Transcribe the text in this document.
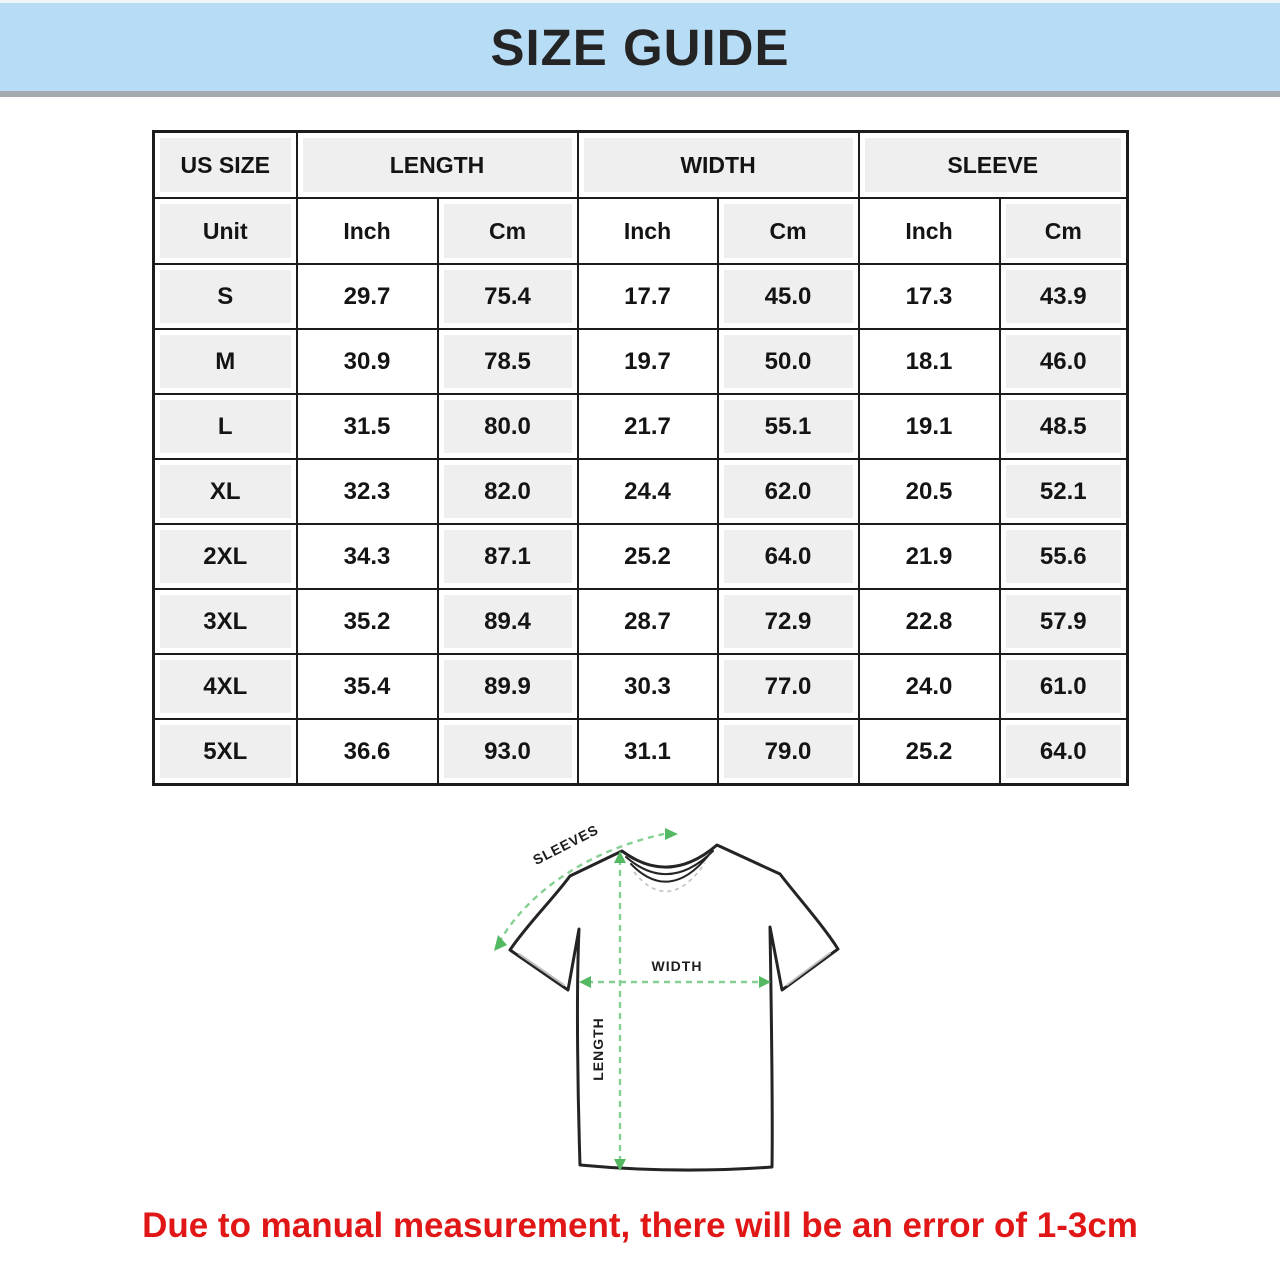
SIZE GUIDE
US SIZE	LENGTH		WIDTH		SLEEVE	
Unit	Inch	Cm	Inch	Cm	Inch	Cm
S	29.7	75.4	17.7	45.0	17.3	43.9
M	30.9	78.5	19.7	50.0	18.1	46.0
L	31.5	80.0	21.7	55.1	19.1	48.5
XL	32.3	82.0	24.4	62.0	20.5	52.1
2XL	34.3	87.1	25.2	64.0	21.9	55.6
3XL	35.2	89.4	28.7	72.9	22.8	57.9
4XL	35.4	89.9	30.3	77.0	24.0	61.0
5XL	36.6	93.0	31.1	79.0	25.2	64.0
SLEEVES
WIDTH
LENGTH
Due to manual measurement, there will be an error of 1-3cm
